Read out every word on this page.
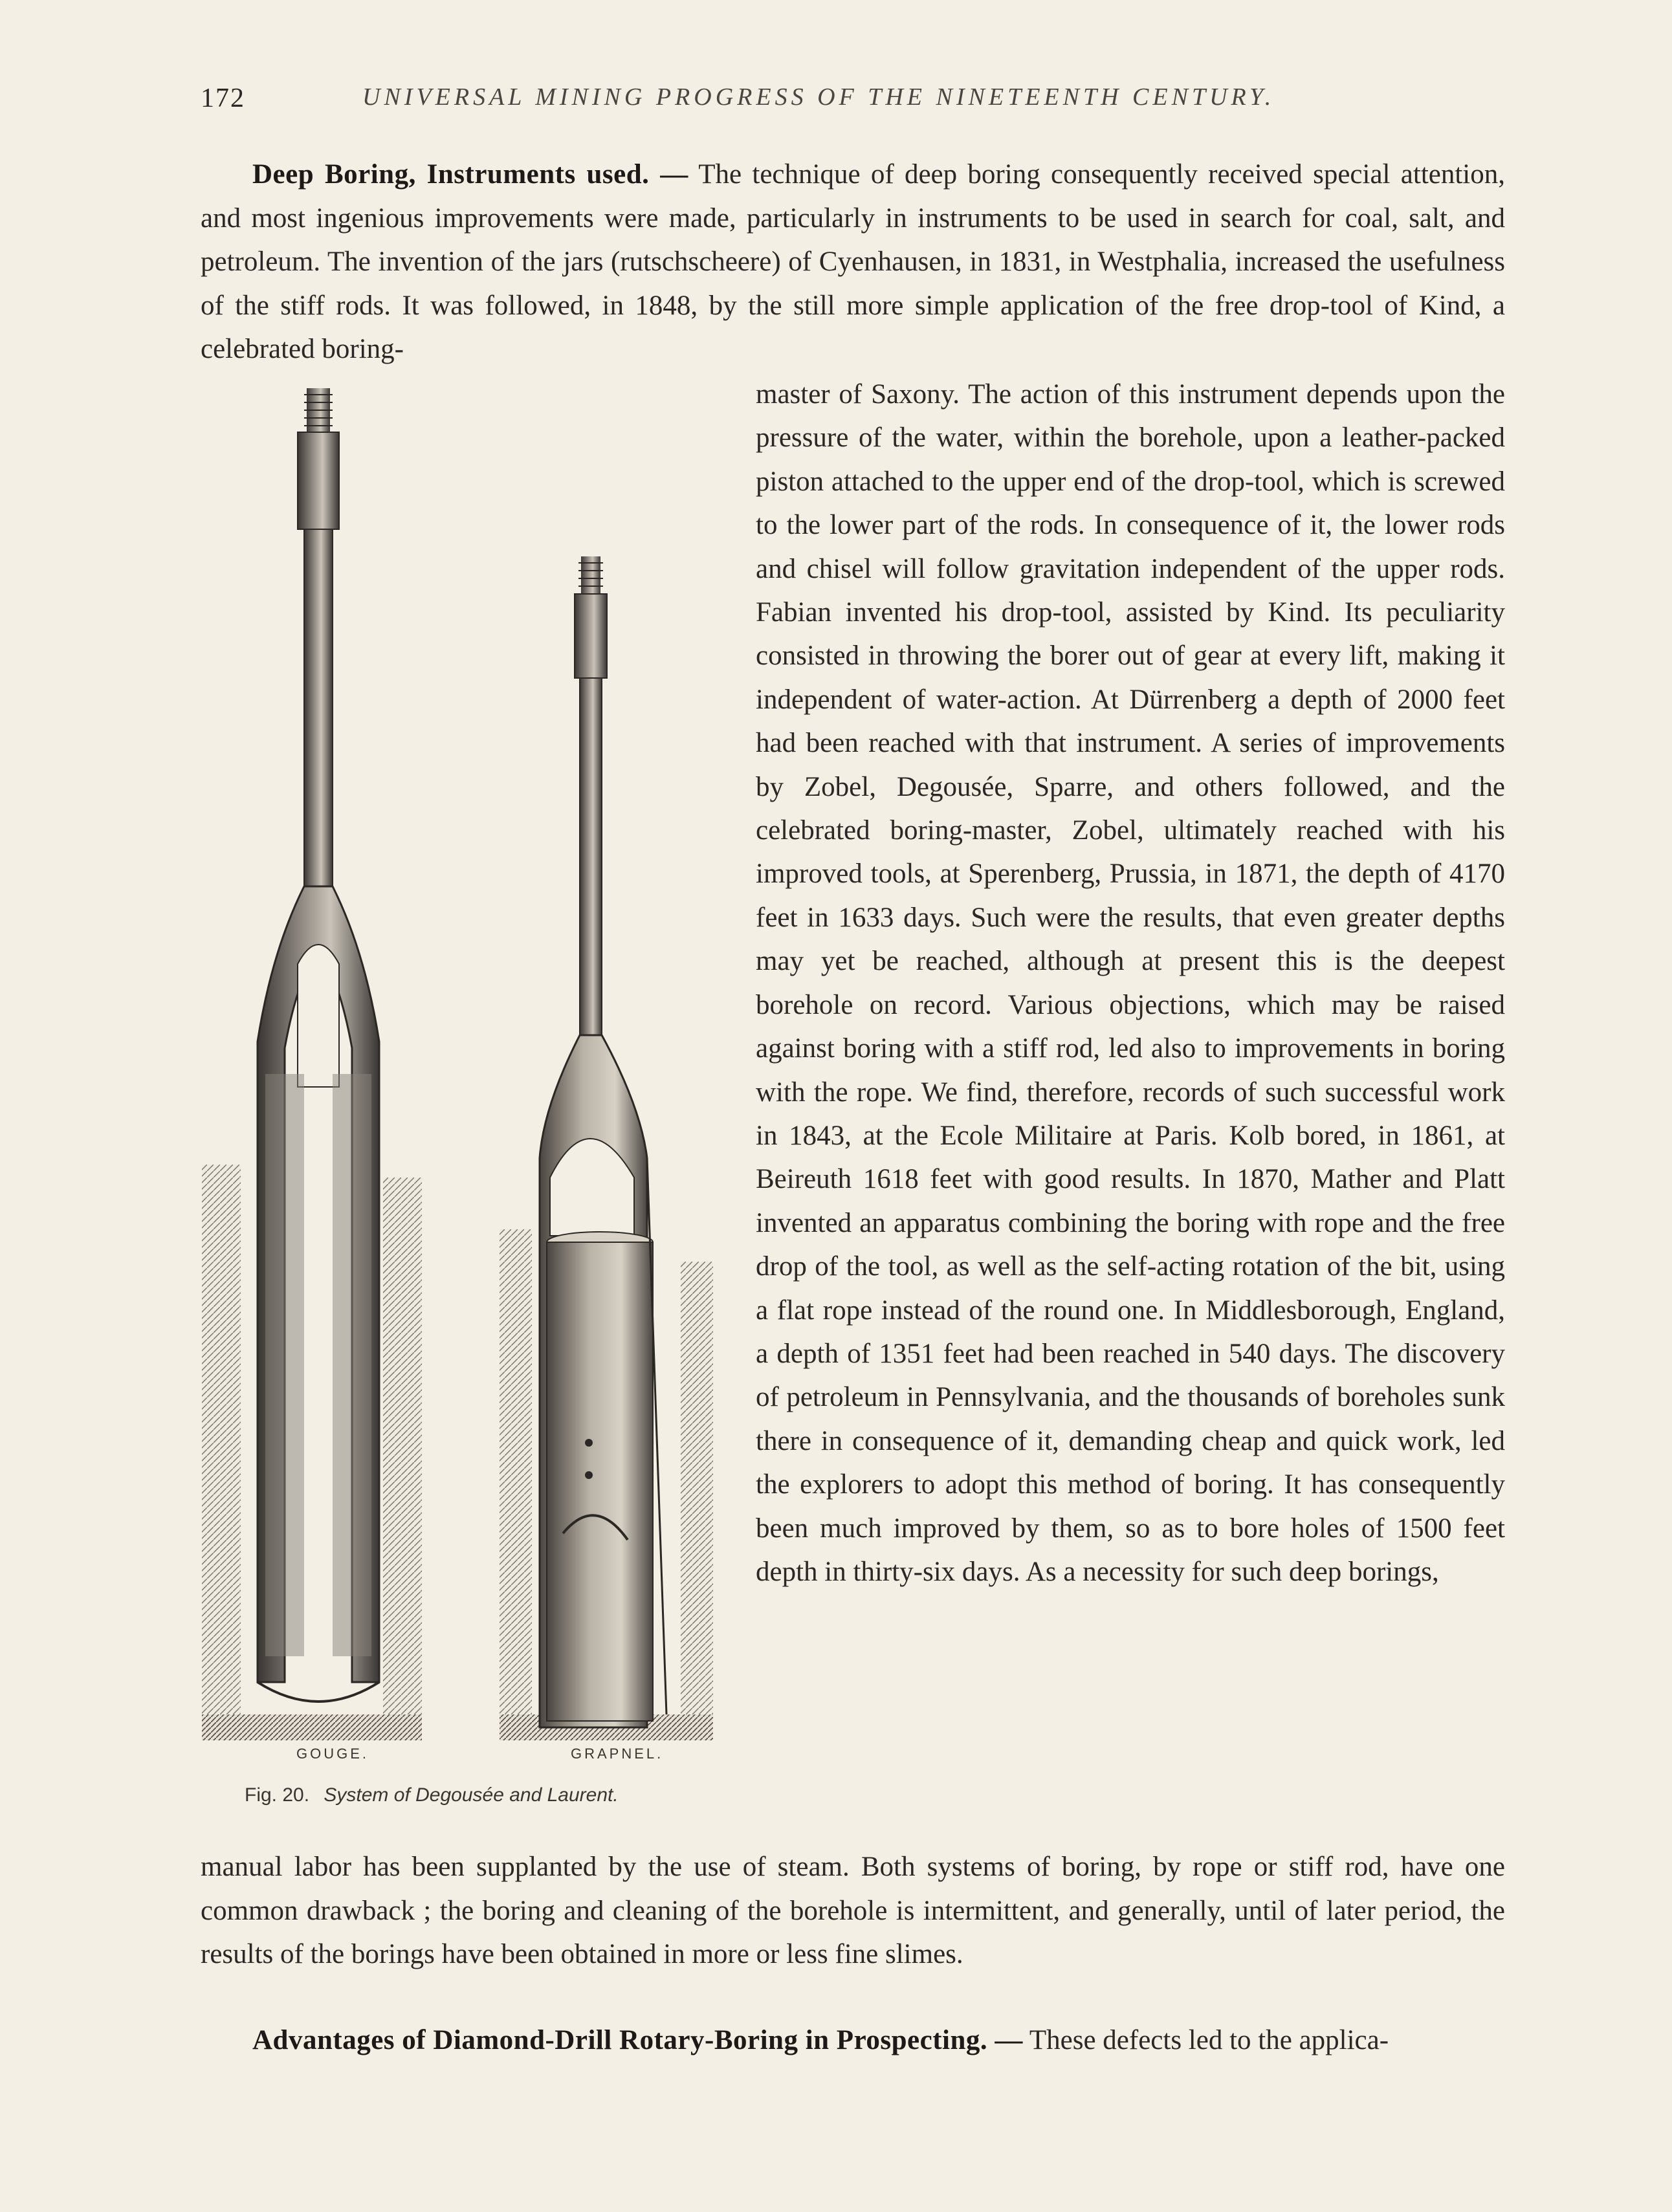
172	UNIVERSAL MINING PROGRESS OF THE NINETEENTH CENTURY.
Deep Boring, Instruments used. — The technique of deep boring consequently received special attention, and most ingenious improvements were made, particularly in instruments to be used in search for coal, salt, and petroleum. The invention of the jars (rutschscheere) of Cyenhausen, in 1831, in Westphalia, increased the usefulness of the stiff rods. It was followed, in 1848, by the still more simple application of the free drop-tool of Kind, a celebrated boring-
GOUGE.	GRAPNEL.
Fig. 20. System of Degousée and Laurent.
master of Saxony. The action of this instrument depends upon the pressure of the water, within the borehole, upon a leather-packed piston attached to the upper end of the drop-tool, which is screwed to the lower part of the rods. In consequence of it, the lower rods and chisel will follow gravitation independent of the upper rods. Fabian invented his drop-tool, assisted by Kind. Its peculiarity consisted in throwing the borer out of gear at every lift, making it independent of water-action. At Dürrenberg a depth of 2000 feet had been reached with that instrument. A series of improvements by Zobel, Degousée, Sparre, and others followed, and the celebrated boring-master, Zobel, ultimately reached with his improved tools, at Sperenberg, Prussia, in 1871, the depth of 4170 feet in 1633 days. Such were the results, that even greater depths may yet be reached, although at present this is the deepest borehole on record. Various objections, which may be raised against boring with a stiff rod, led also to improvements in boring with the rope. We find, therefore, records of such successful work in 1843, at the Ecole Militaire at Paris. Kolb bored, in 1861, at Beireuth 1618 feet with good results. In 1870, Mather and Platt invented an apparatus combining the boring with rope and the free drop of the tool, as well as the self-acting rotation of the bit, using a flat rope instead of the round one. In Middlesborough, England, a depth of 1351 feet had been reached in 540 days. The discovery of petroleum in Pennsylvania, and the thousands of boreholes sunk there in consequence of it, demanding cheap and quick work, led the explorers to adopt this method of boring. It has consequently been much improved by them, so as to bore holes of 1500 feet depth in thirty-six days. As a necessity for such deep borings,
manual labor has been supplanted by the use of steam. Both systems of boring, by rope or stiff rod, have one common drawback ; the boring and cleaning of the borehole is intermittent, and generally, until of later period, the results of the borings have been obtained in more or less fine slimes.
Advantages of Diamond-Drill Rotary-Boring in Prospecting. — These defects led to the applica-
